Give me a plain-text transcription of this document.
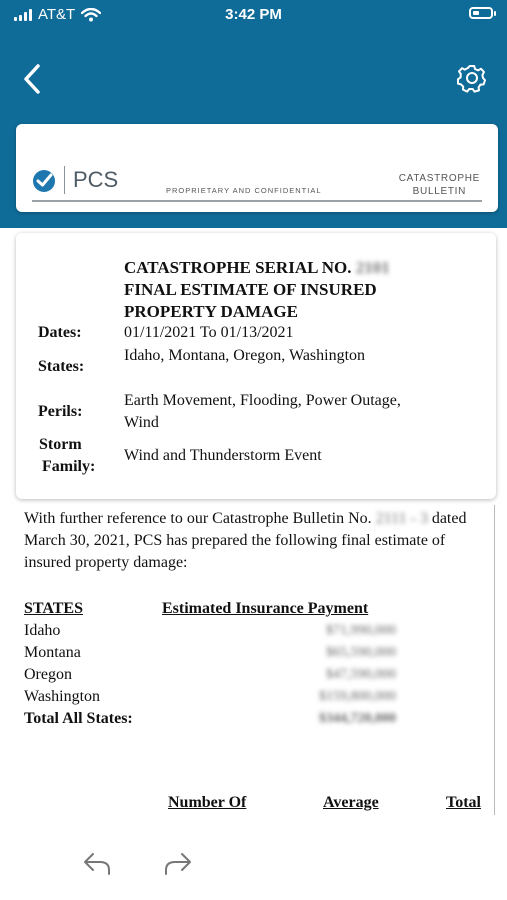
AT&T	3:42 PM
PCS	PROPRIETARY AND CONFIDENTIAL
CATASTROPHE
BULLETIN
CATASTROPHE SERIAL NO. 2101
FINAL ESTIMATE OF INSURED
PROPERTY DAMAGE
Dates:	01/11/2021 To 01/13/2021
States:
Idaho, Montana, Oregon, Washington
Perils:
Earth Movement, Flooding, Power Outage, Wind
Storm
Family:
Wind and Thunderstorm Event

With further reference to our Catastrophe Bulletin No. 2111 - 3 dated March 30, 2021, PCS has prepared the following final estimate of insured property damage:

STATES	Estimated Insurance Payment
Idaho	$71,990,000
Montana	$65,590,000
Oregon	$47,590,000
Washington	$159,800,000
Total All States:	$344,720,000
Number Of	Average	Total
